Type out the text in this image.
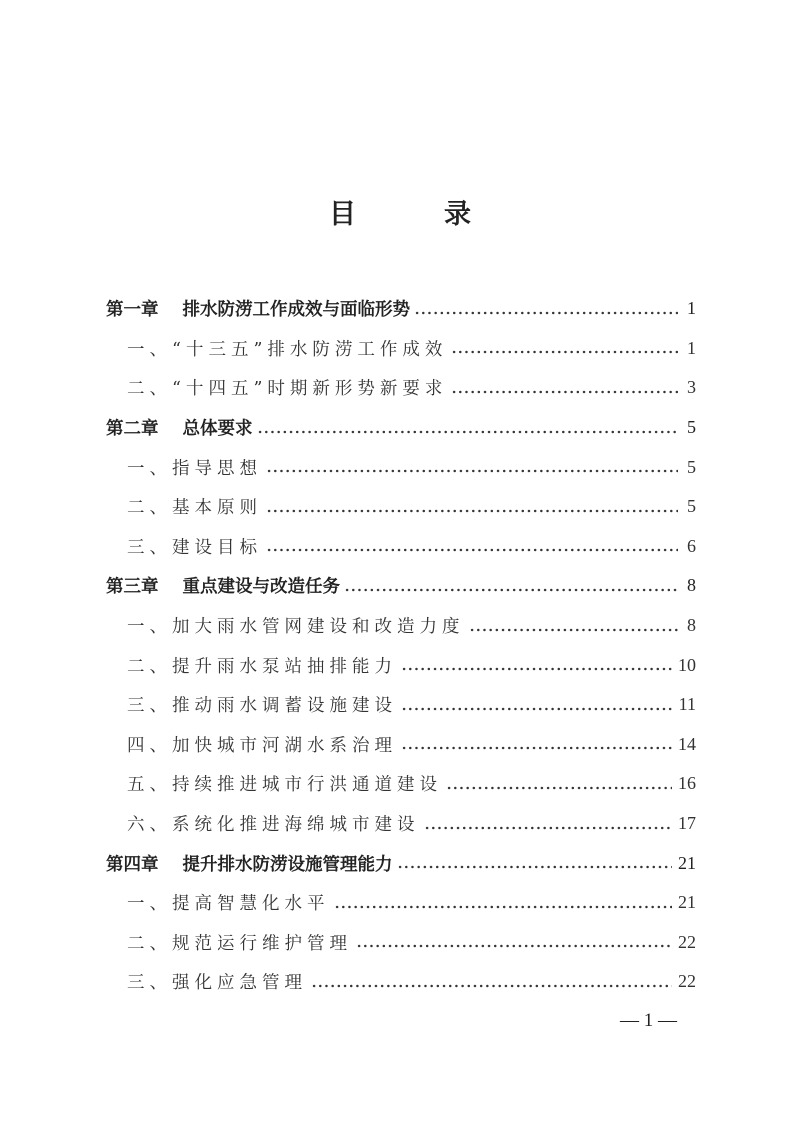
目	录
第一章 排水防涝工作成效与面临形势	1
一、“十三五”排水防涝工作成效	1
二、“十四五”时期新形势新要求	3
第二章 总体要求	5
一、指导思想	5
二、基本原则	5
三、建设目标	6
第三章 重点建设与改造任务	8
一、加大雨水管网建设和改造力度	8
二、提升雨水泵站抽排能力	10
三、推动雨水调蓄设施建设	11
四、加快城市河湖水系治理	14
五、持续推进城市行洪通道建设	16
六、系统化推进海绵城市建设	17
第四章 提升排水防涝设施管理能力	21
一、提高智慧化水平	21
二、规范运行维护管理	22
三、强化应急管理	22
— 1 —
